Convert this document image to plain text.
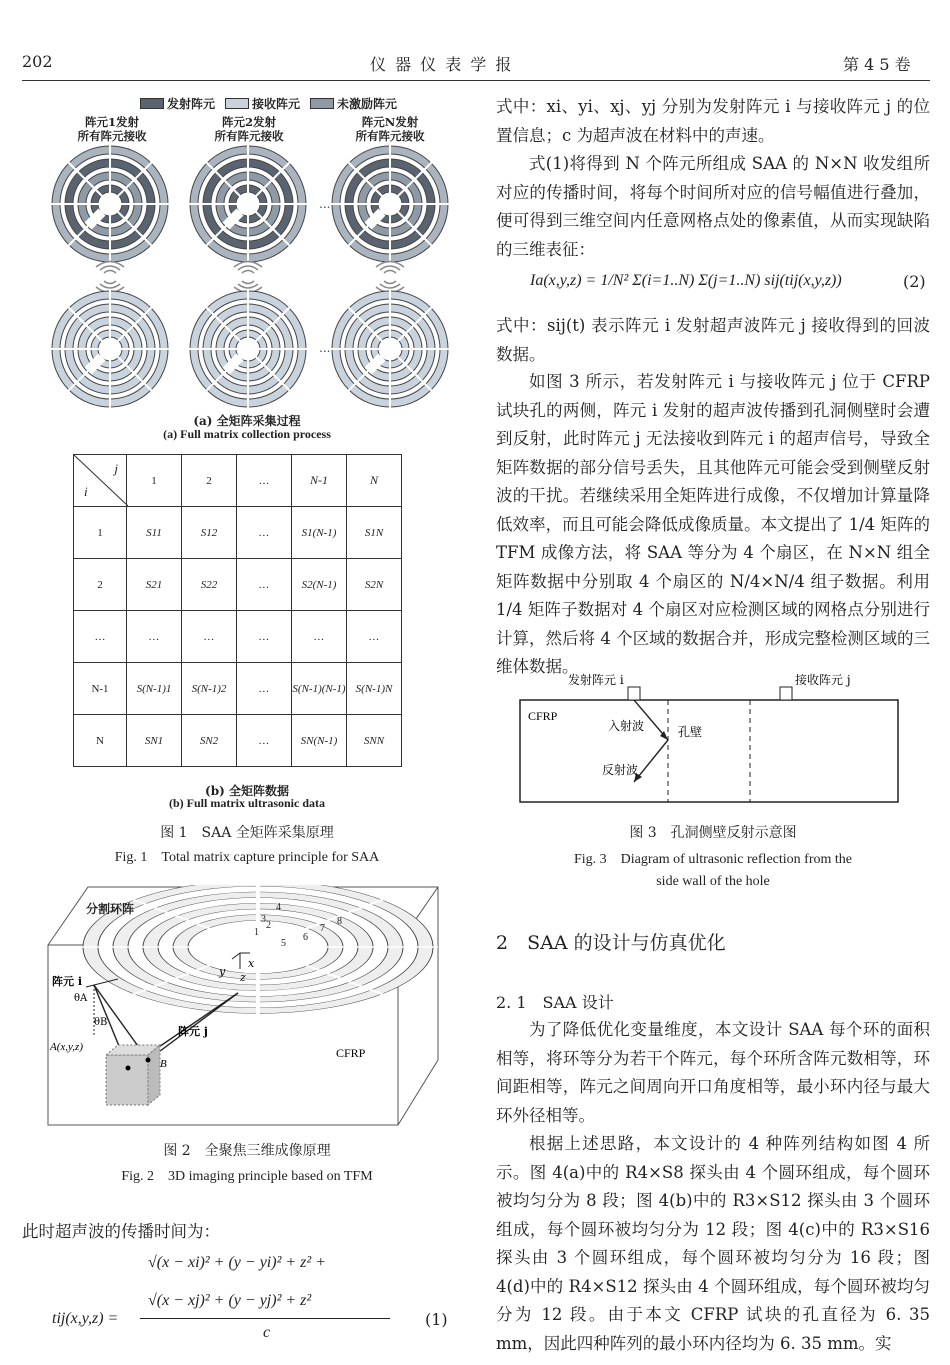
202	仪 器 仪 表 学 报	第 4 5 卷
发射阵元	接收阵元	未激励阵元
阵元1发射
所有阵元接收
阵元2发射
所有阵元接收
阵元N发射
所有阵元接收
...
...
(a) 全矩阵采集过程
(a) Full matrix collection process
j
i	1	2	…	N-1	N
1	S11	S12	…	S1(N-1)	S1N
2	S21	S22	…	S2(N-1)	S2N
…	…	…	…	…	…
N-1	S(N-1)1	S(N-1)2	…	S(N-1)(N-1)	S(N-1)N
N	SN1	SN2	…	SN(N-1)	SNN
(b) 全矩阵数据
(b) Full matrix ultrasonic data
图 1　SAA 全矩阵采集原理
Fig. 1　Total matrix capture principle for SAA
分割环阵
1
2
3
4
5
6
7
8
x
y z
阵元 i
θA
θB
阵元 j
A(x,y,z)
B
CFRP
图 2　全聚焦三维成像原理
Fig. 2　3D imaging principle based on TFM
此时超声波的传播时间为：
√(x − xi)² + (y − yi)² + z² +
√(x − xj)² + (y − yj)² + z²
tij(x,y,z) =
c
(1)
式中：xi、yi、xj、yj 分别为发射阵元 i 与接收阵元 j 的位置信息；c 为超声波在材料中的声速。
式(1)将得到 N 个阵元所组成 SAA 的 N×N 收发组所对应的传播时间，将每个时间所对应的信号幅值进行叠加，便可得到三维空间内任意网格点处的像素值，从而实现缺陷的三维表征：
Ia(x,y,z) = 1/N² Σ(i=1..N) Σ(j=1..N) sij(tij(x,y,z))	(2)
式中：sij(t) 表示阵元 i 发射超声波阵元 j 接收得到的回波数据。
如图 3 所示，若发射阵元 i 与接收阵元 j 位于 CFRP 试块孔的两侧，阵元 i 发射的超声波传播到孔洞侧壁时会遭到反射，此时阵元 j 无法接收到阵元 i 的超声信号，导致全矩阵数据的部分信号丢失，且其他阵元可能会受到侧壁反射波的干扰。若继续采用全矩阵进行成像，不仅增加计算量降低效率，而且可能会降低成像质量。本文提出了 1/4 矩阵的 TFM 成像方法，将 SAA 等分为 4 个扇区，在 N×N 组全矩阵数据中分别取 4 个扇区的 N/4×N/4 组子数据。利用 1/4 矩阵子数据对 4 个扇区对应检测区域的网格点分别进行计算，然后将 4 个区域的数据合并，形成完整检测区域的三维体数据。
发射阵元 i	接收阵元 j
CFRP
入射波	孔壁
反射波
图 3　孔洞侧壁反射示意图
Fig. 3　Diagram of ultrasonic reflection from the
side wall of the hole
2　SAA 的设计与仿真优化
2. 1　SAA 设计
为了降低优化变量维度，本文设计 SAA 每个环的面积相等，将环等分为若干个阵元，每个环所含阵元数相等，环间距相等，阵元之间周向开口角度相等，最小环内径与最大环外径相等。
根据上述思路，本文设计的 4 种阵列结构如图 4 所示。图 4(a)中的 R4×S8 探头由 4 个圆环组成，每个圆环被均匀分为 8 段；图 4(b)中的 R3×S12 探头由 3 个圆环组成，每个圆环被均匀分为 12 段；图 4(c)中的 R3×S16 探头由 3 个圆环组成，每个圆环被均匀分为 16 段；图 4(d)中的 R4×S12 探头由 4 个圆环组成，每个圆环被均匀分为 12 段。由于本文 CFRP 试块的孔直径为 6. 35 mm，因此四种阵列的最小环内径均为 6. 35 mm。实
